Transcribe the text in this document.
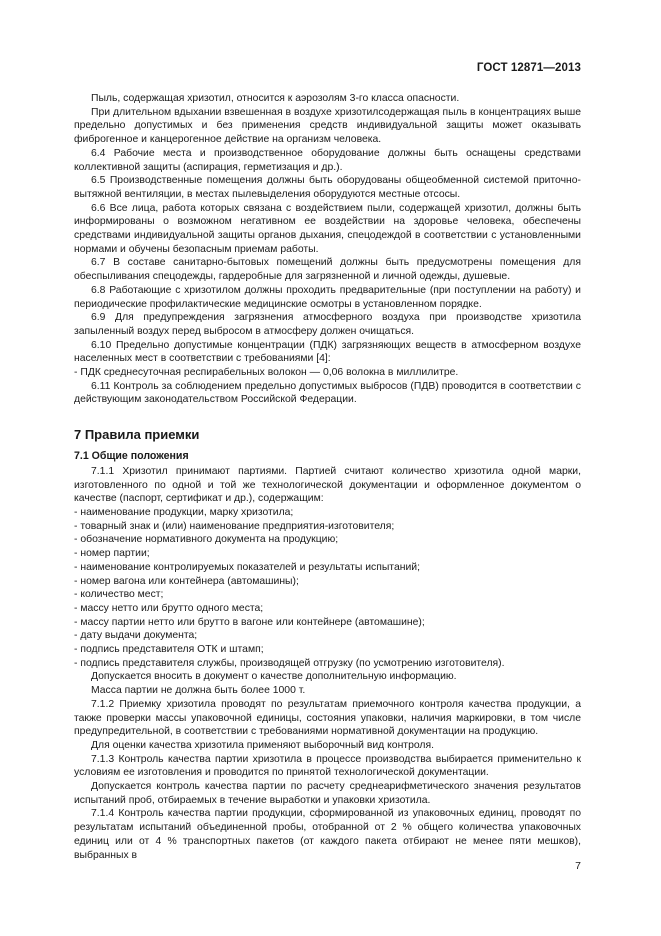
ГОСТ 12871—2013

Пыль, содержащая хризотил, относится к аэрозолям 3-го класса опасности.

При длительном вдыхании взвешенная в воздухе хризотилсодержащая пыль в концентрациях выше предельно допустимых и без применения средств индивидуальной защиты может оказывать фиброгенное и канцерогенное действие на организм человека.

6.4 Рабочие места и производственное оборудование должны быть оснащены средствами коллективной защиты (аспирация, герметизация и др.).

6.5 Производственные помещения должны быть оборудованы общеобменной системой приточно-вытяжной вентиляции, в местах пылевыделения оборудуются местные отсосы.

6.6 Все лица, работа которых связана с воздействием пыли, содержащей хризотил, должны быть информированы о возможном негативном ее воздействии на здоровье человека, обеспечены средствами индивидуальной защиты органов дыхания, спецодеждой в соответствии с установленными нормами и обучены безопасным приемам работы.

6.7 В составе санитарно-бытовых помещений должны быть предусмотрены помещения для обеспыливания спецодежды, гардеробные для загрязненной и личной одежды, душевые.

6.8 Работающие с хризотилом должны проходить предварительные (при поступлении на работу) и периодические профилактические медицинские осмотры в установленном порядке.

6.9 Для предупреждения загрязнения атмосферного воздуха при производстве хризотила запыленный воздух перед выбросом в атмосферу должен очищаться.

6.10 Предельно допустимые концентрации (ПДК) загрязняющих веществ в атмосферном воздухе населенных мест в соответствии с требованиями [4]:

- ПДК среднесуточная респирабельных волокон — 0,06 волокна в миллилитре.

6.11 Контроль за соблюдением предельно допустимых выбросов (ПДВ) проводится в соответствии с действующим законодательством Российской Федерации.

7 Правила приемки

7.1 Общие положения

7.1.1 Хризотил принимают партиями. Партией считают количество хризотила одной марки, изготовленного по одной и той же технологической документации и оформленное документом о качестве (паспорт, сертификат и др.), содержащим:

- наименование продукции, марку хризотила;

- товарный знак и (или) наименование предприятия-изготовителя;

- обозначение нормативного документа на продукцию;

- номер партии;

- наименование контролируемых показателей и результаты испытаний;

- номер вагона или контейнера (автомашины);

- количество мест;

- массу нетто или брутто одного места;

- массу партии нетто или брутто в вагоне или контейнере (автомашине);

- дату выдачи документа;

- подпись представителя ОТК и штамп;

- подпись представителя службы, производящей отгрузку (по усмотрению изготовителя).

Допускается вносить в документ о качестве дополнительную информацию.

Масса партии не должна быть более 1000 т.

7.1.2 Приемку хризотила проводят по результатам приемочного контроля качества продукции, а также проверки массы упаковочной единицы, состояния упаковки, наличия маркировки, в том числе предупредительной, в соответствии с требованиями нормативной документации на продукцию.

Для оценки качества хризотила применяют выборочный вид контроля.

7.1.3 Контроль качества партии хризотила в процессе производства выбирается применительно к условиям ее изготовления и проводится по принятой технологической документации.

Допускается контроль качества партии по расчету среднеарифметического значения результатов испытаний проб, отбираемых в течение выработки и упаковки хризотила.

7.1.4 Контроль качества партии продукции, сформированной из упаковочных единиц, проводят по результатам испытаний объединенной пробы, отобранной от 2 % общего количества упаковочных единиц или от 4 % транспортных пакетов (от каждого пакета отбирают не менее пяти мешков), выбранных в

7
